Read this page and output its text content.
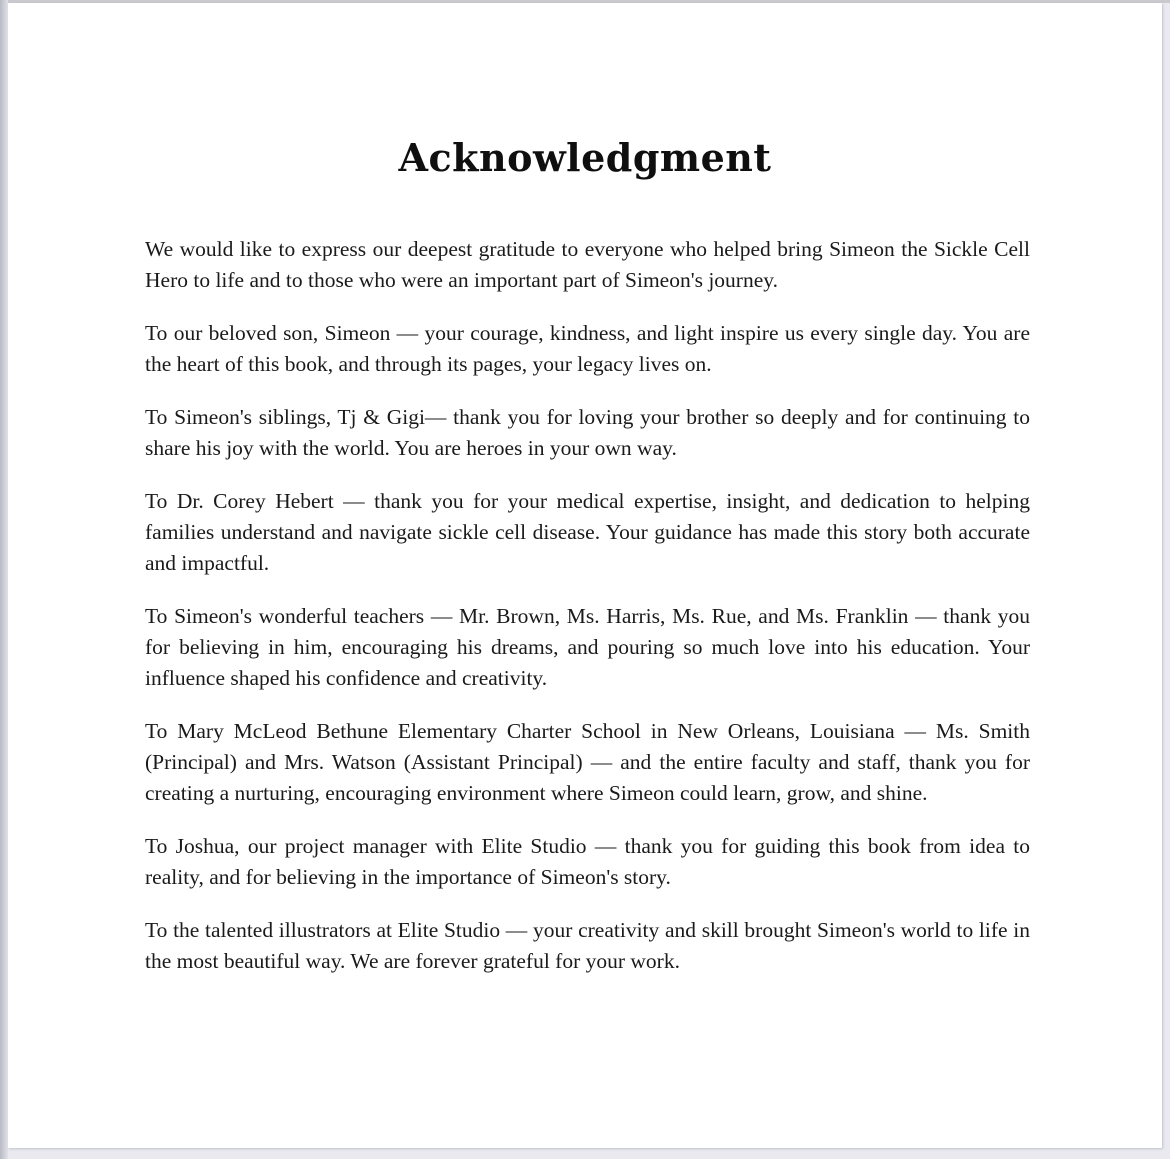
Acknowledgment

We would like to express our deepest gratitude to everyone who helped bring Simeon the Sickle Cell Hero to life and to those who were an important part of Simeon's journey.

To our beloved son, Simeon — your courage, kindness, and light inspire us every single day. You are the heart of this book, and through its pages, your legacy lives on.

To Simeon's siblings, Tj & Gigi— thank you for loving your brother so deeply and for continuing to share his joy with the world. You are heroes in your own way.

To Dr. Corey Hebert — thank you for your medical expertise, insight, and dedication to helping families understand and navigate sickle cell disease. Your guidance has made this story both accurate and impactful.

To Simeon's wonderful teachers — Mr. Brown, Ms. Harris, Ms. Rue, and Ms. Franklin — thank you for believing in him, encouraging his dreams, and pouring so much love into his education. Your influence shaped his confidence and creativity.

To Mary McLeod Bethune Elementary Charter School in New Orleans, Louisiana — Ms. Smith (Principal) and Mrs. Watson (Assistant Principal) — and the entire faculty and staff, thank you for creating a nurturing, encouraging environment where Simeon could learn, grow, and shine.

To Joshua, our project manager with Elite Studio — thank you for guiding this book from idea to reality, and for believing in the importance of Simeon's story.

To the talented illustrators at Elite Studio — your creativity and skill brought Simeon's world to life in the most beautiful way. We are forever grateful for your work.
